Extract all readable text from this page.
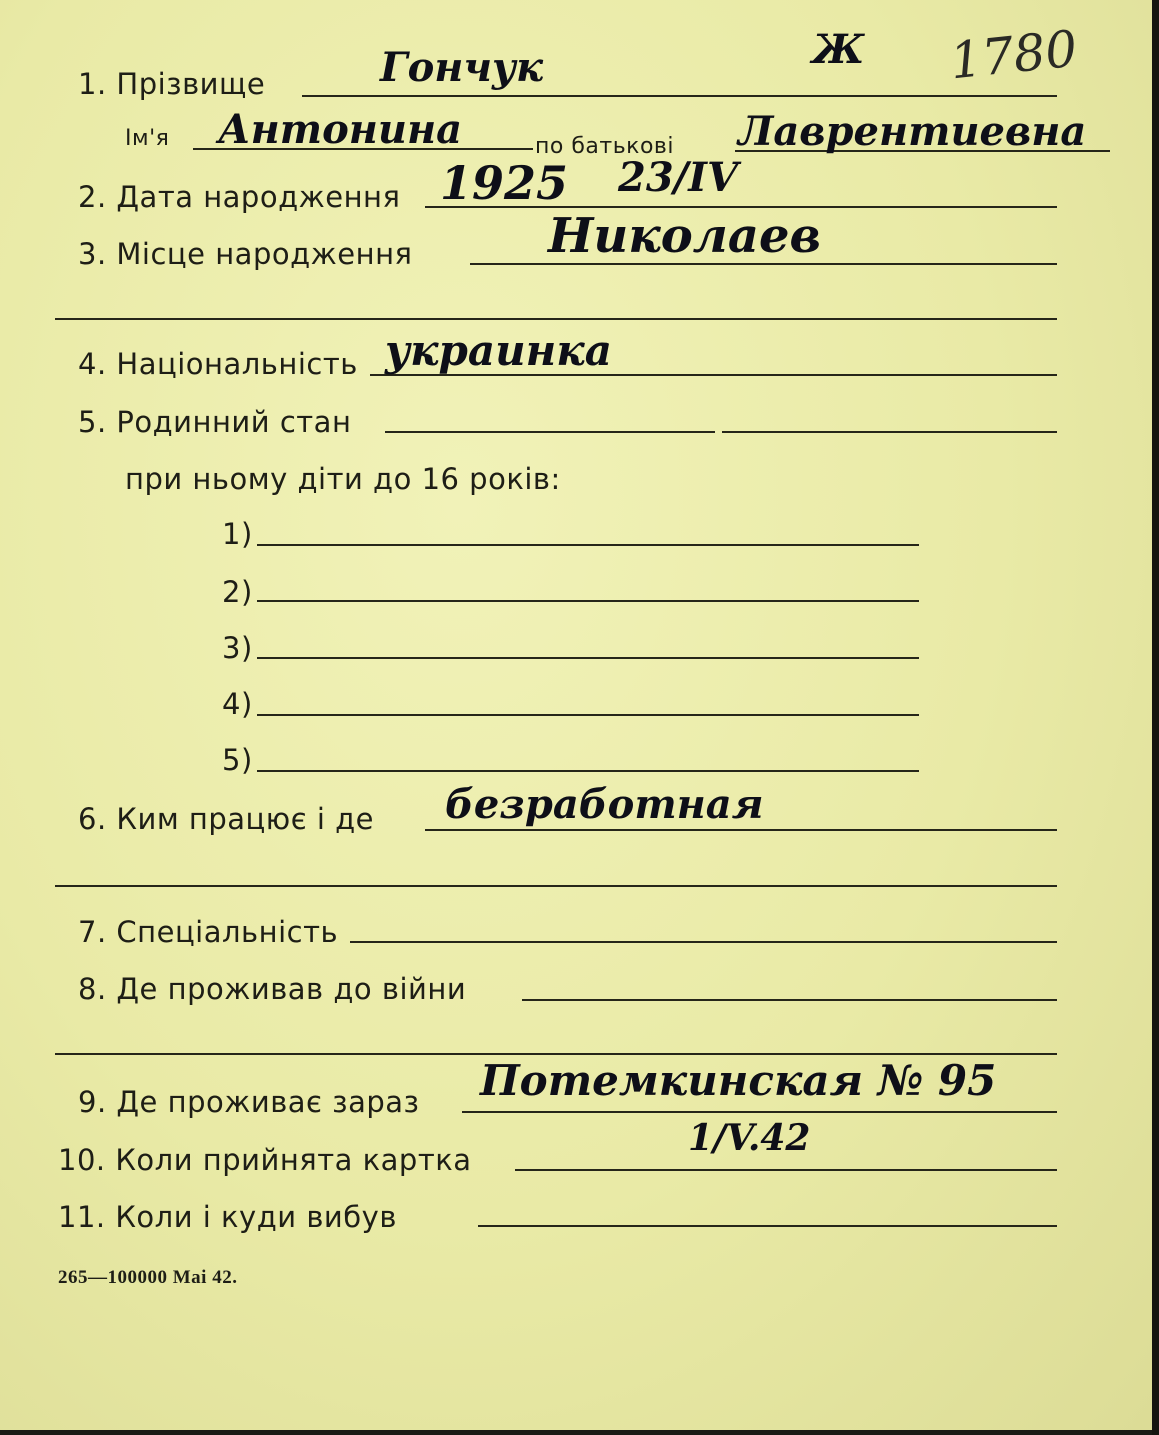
Ж 1780
1. Прізвище	Гончук
Ім'я Антонина	по батькові Лаврентиевна
2. Дата народження 1925 23/IV
3. Місце народження	Николаев
4. Національність украинка
5. Родинний стан
при ньому діти до 16 років:
1)
2)
3)
4)
5)
6. Ким працює і де безработная
7. Спеціальність
8. Де проживав до війни
9. Де проживає зараз Потемкинская № 95
10. Коли прийнята картка
1/V.42
11. Коли і куди вибув
265—100000 Mai 42.
